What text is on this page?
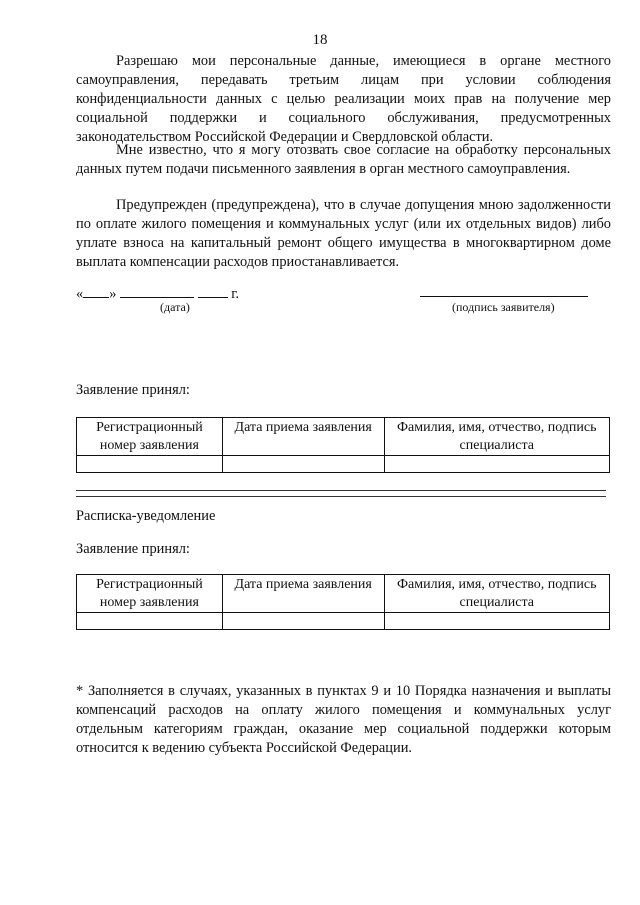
18

Разрешаю мои персональные данные, имеющиеся в органе местного самоуправления, передавать третьим лицам при условии соблюдения конфиденциальности данных с целью реализации моих прав на получение мер социальной поддержки и социального обслуживания, предусмотренных законодательством Российской Федерации и Свердловской области.

Мне известно, что я могу отозвать свое согласие на обработку персональных данных путем подачи письменного заявления в орган местного самоуправления.

Предупрежден (предупреждена), что в случае допущения мною задолженности по оплате жилого помещения и коммунальных услуг (или их отдельных видов) либо уплате взноса на капитальный ремонт общего имущества в многоквартирном доме выплата компенсации расходов приостанавливается.

« »	г.
(дата)	(подпись заявителя)
Заявление принял:
Регистрационный номер заявления	Дата приема заявления	Фамилия, имя, отчество, подпись специалиста

Расписка-уведомление
Заявление принял:
Регистрационный номер заявления	Дата приема заявления	Фамилия, имя, отчество, подпись специалиста

* Заполняется в случаях, указанных в пунктах 9 и 10 Порядка назначения и выплаты компенсаций расходов на оплату жилого помещения и коммунальных услуг отдельным категориям граждан, оказание мер социальной поддержки которым относится к ведению субъекта Российской Федерации.
